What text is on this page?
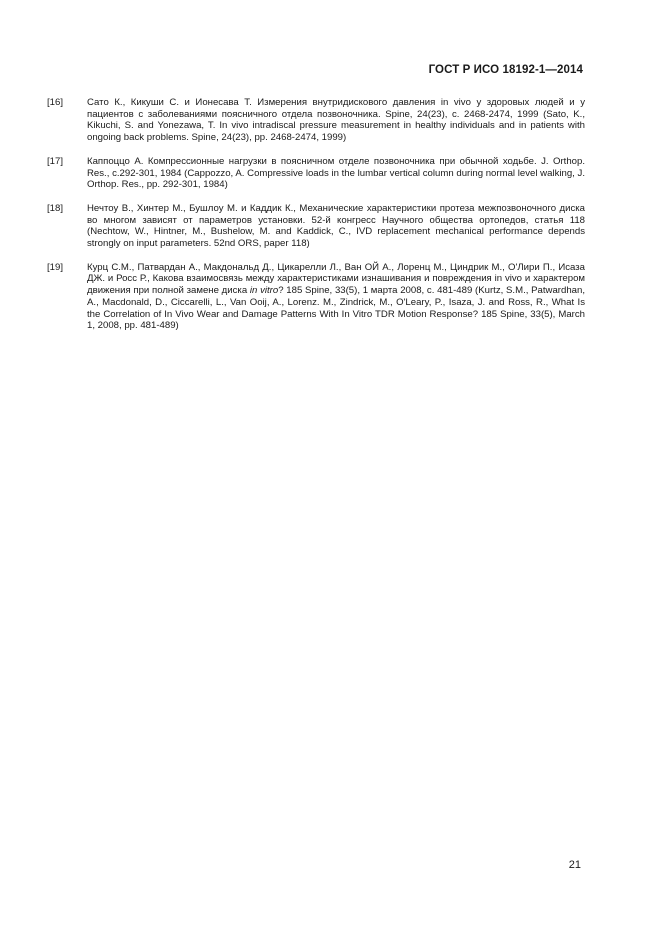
ГОСТ Р ИСО 18192-1—2014
[16]	Сато К., Кикуши С. и Ионесава Т. Измерения внутридискового давления in vivo у здоровых людей и у пациентов с заболеваниями поясничного отдела позвоночника. Spine, 24(23), с. 2468-2474, 1999 (Sato, K., Kikuchi, S. and Yonezawa, T. In vivo intradiscal pressure measurement in healthy individuals and in patients with ongoing back problems. Spine, 24(23), pp. 2468-2474, 1999)
[17]	Каппоццо А. Компрессионные нагрузки в поясничном отделе позвоночника при обычной ходьбе. J. Orthop. Res., с.292-301, 1984 (Cappozzo, A. Compressive loads in the lumbar vertical column during normal level walking, J. Orthop. Res., pp. 292-301, 1984)
[18]	Нечтоу В., Хинтер М., Бушлоу М. и Каддик К., Механические характеристики протеза межпозвоночного диска во многом зависят от параметров установки. 52-й конгресс Научного общества ортопедов, статья 118 (Nechtow, W., Hintner, M., Bushelow, M. and Kaddick, C., IVD replacement mechanical performance depends strongly on input parameters. 52nd ORS, paper 118)
[19]	Курц С.М., Патвардан А., Макдональд Д., Цикарелли Л., Ван ОЙ А., Лоренц М., Циндрик М., О'Лири П., Исаза ДЖ. и Росс Р., Какова взаимосвязь между характеристиками изнашивания и повреждения in vivo и характером движения при полной замене диска in vitro? 185 Spine, 33(5), 1 марта 2008, с. 481-489 (Kurtz, S.M., Patwardhan, A., Macdonald, D., Ciccarelli, L., Van Ooij, A., Lorenz. M., Zindrick, M., O'Leary, P., Isaza, J. and Ross, R., What Is the Correlation of In Vivo Wear and Damage Patterns With In Vitro TDR Motion Response? 185 Spine, 33(5), March 1, 2008, pp. 481-489)
21
